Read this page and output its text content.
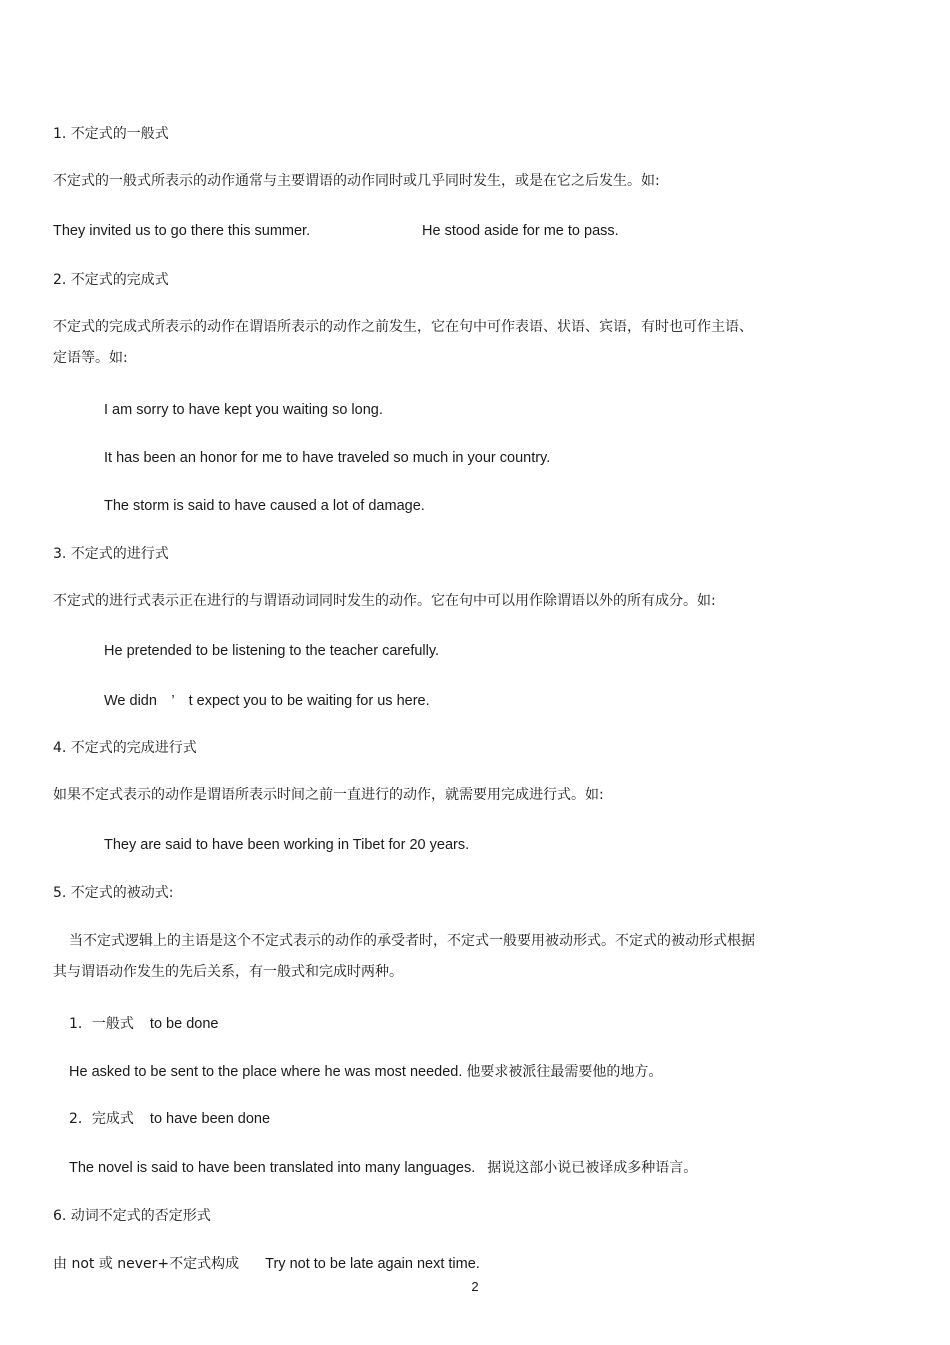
1. 不定式的一般式
不定式的一般式所表示的动作通常与主要谓语的动作同时或几乎同时发生，或是在它之后发生。如:
They invited us to go there this summer.	He stood aside for me to pass.
2. 不定式的完成式
不定式的完成式所表示的动作在谓语所表示的动作之前发生，它在句中可作表语、状语、宾语，有时也可作主语、
定语等。如:
I am sorry to have kept you waiting so long.
It has been an honor for me to have traveled so much in your country.
The storm is said to have caused a lot of damage.
3. 不定式的进行式
不定式的进行式表示正在进行的与谓语动词同时发生的动作。它在句中可以用作除谓语以外的所有成分。如:
He pretended to be listening to the teacher carefully.
We didn　’　t expect you to be waiting for us here.
4. 不定式的完成进行式
如果不定式表示的动作是谓语所表示时间之前一直进行的动作，就需要用完成进行式。如:
They are said to have been working in Tibet for 20 years.
5. 不定式的被动式:
当不定式逻辑上的主语是这个不定式表示的动作的承受者时，不定式一般要用被动形式。不定式的被动形式根据
其与谓语动作发生的先后关系，有一般式和完成时两种。
1．一般式 to be done
He asked to be sent to the place where he was most needed. 他要求被派往最需要他的地方。
2．完成式 to have been done
The novel is said to have been translated into many languages. 据说这部小说已被译成多种语言。
6. 动词不定式的否定形式
由 not 或 never+不定式构成 Try not to be late again next time.
2
